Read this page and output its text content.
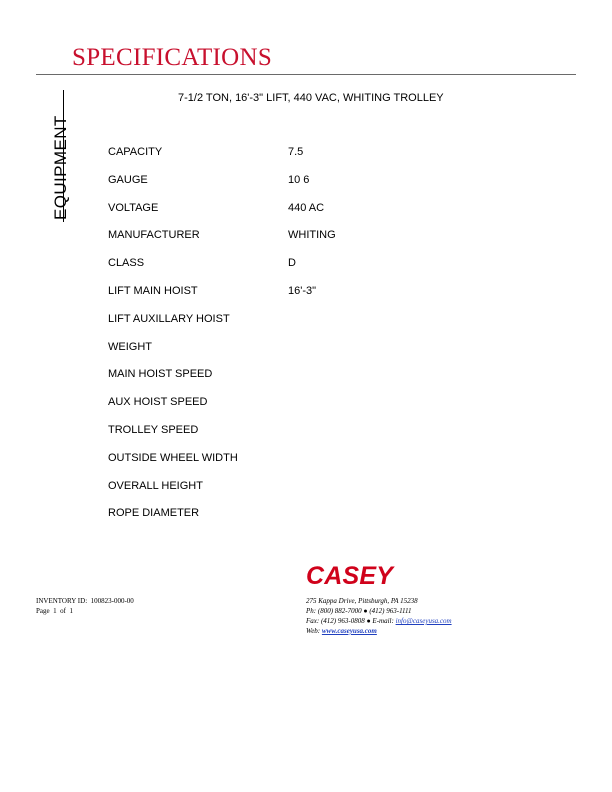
SPECIFICATIONS
EQUIPMENT
7-1/2 TON, 16'-3" LIFT, 440 VAC, WHITING TROLLEY
CAPACITY	7.5
GAUGE	10 6
VOLTAGE	440 AC
MANUFACTURER	WHITING
CLASS	D
LIFT MAIN HOIST	16'-3"
LIFT AUXILLARY HOIST
WEIGHT
MAIN HOIST SPEED
AUX HOIST SPEED
TROLLEY SPEED
OUTSIDE WHEEL WIDTH
OVERALL HEIGHT
ROPE DIAMETER
INVENTORY ID: 100823-000-00
Page 1 of 1
CASEY
275 Kappa Drive, Pittsburgh, PA 15238
Ph: (800) 882-7000 ● (412) 963-1111
Fax: (412) 963-0808 ● E-mail: info@caseyusa.com
Web: www.caseyusa.com
